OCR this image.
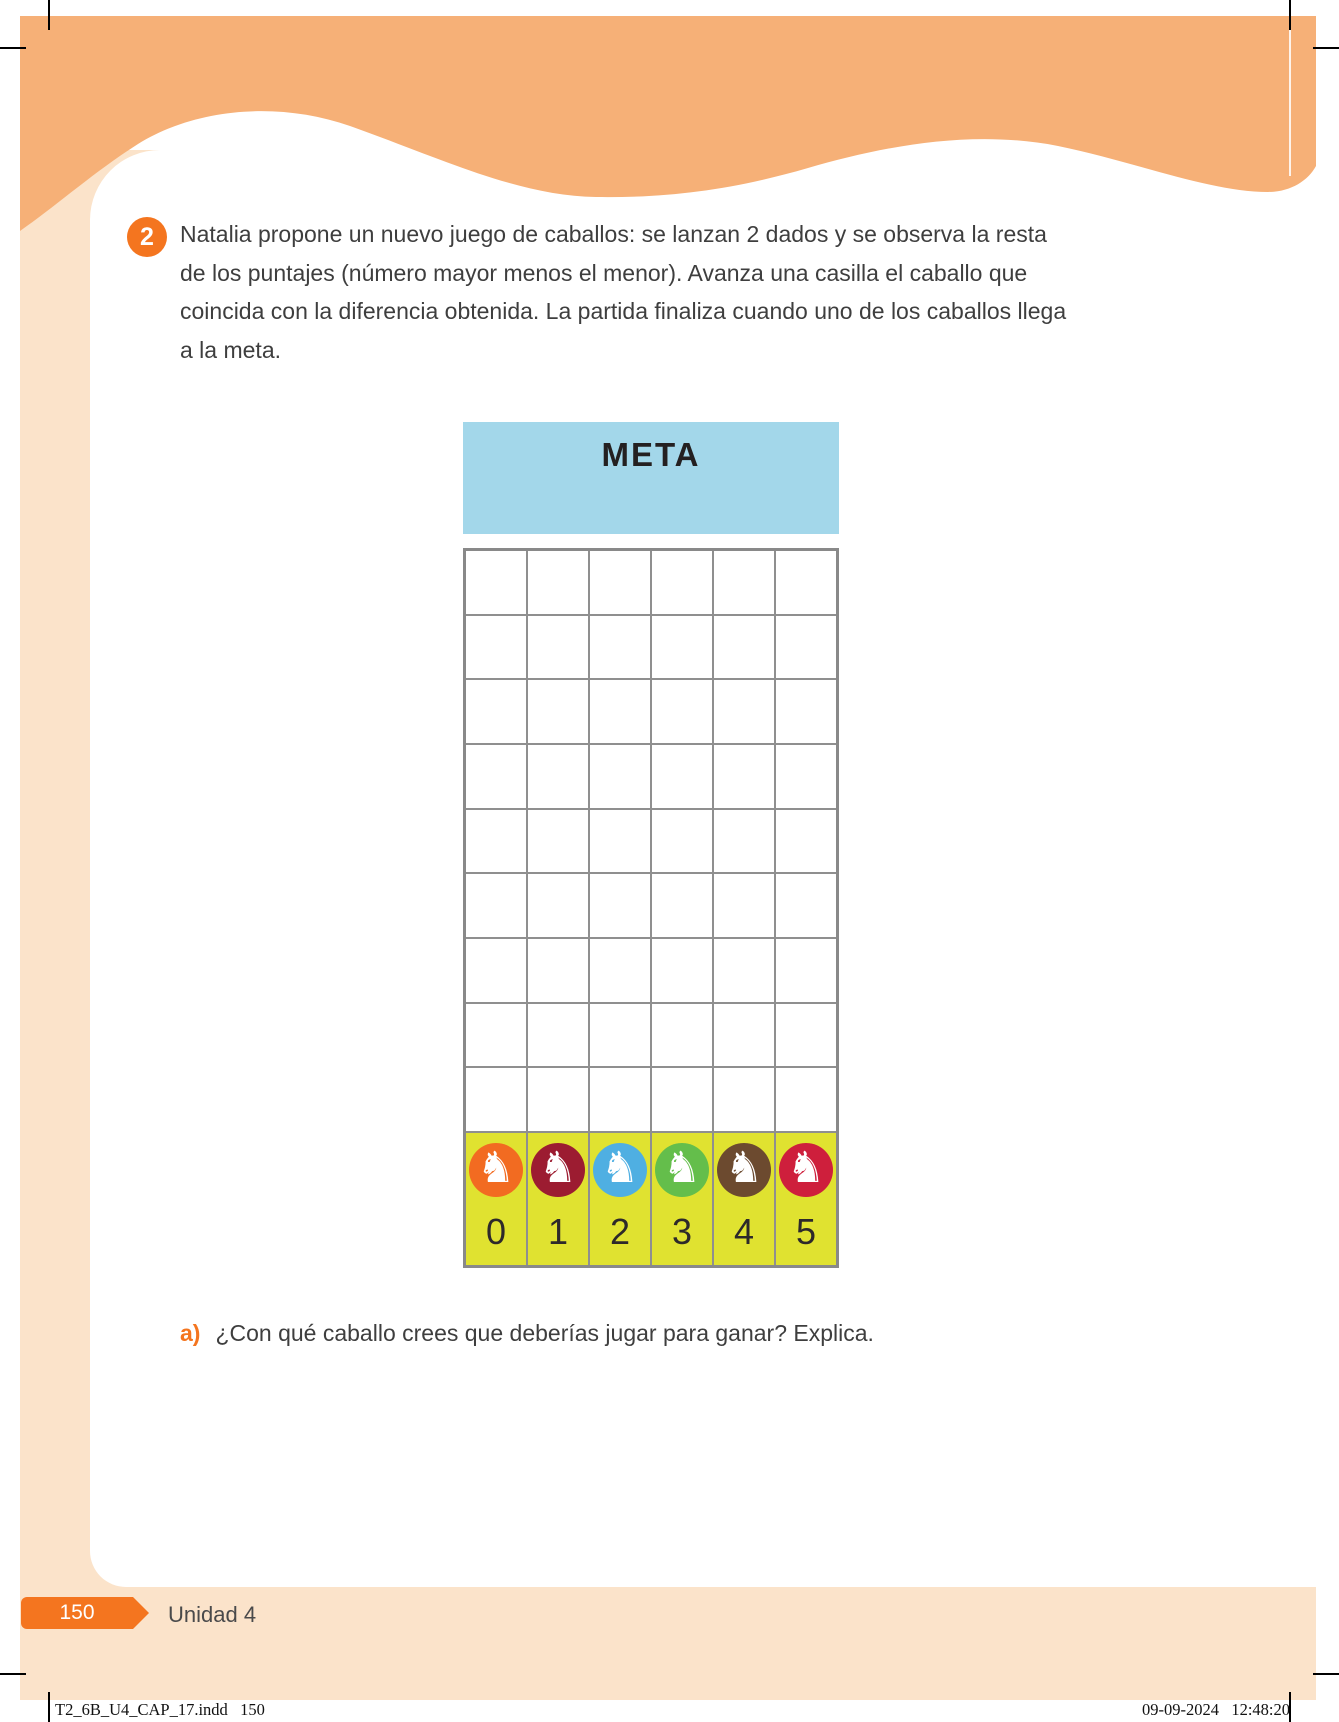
2 Natalia propone un nuevo juego de caballos: se lanzan 2 dados y se observa la resta
de los puntajes (número mayor menos el menor). Avanza una casilla el caballo que
coincida con la diferencia obtenida. La partida finaliza cuando uno de los caballos llega
a la meta.
META
♞
0
♞
1
♞
2
♞
3
♞
4
♞
5
a) ¿Con qué caballo crees que deberías jugar para ganar? Explica.
150	Unidad 4
T2_6B_U4_CAP_17.indd   150	09-09-2024   12:48:20
